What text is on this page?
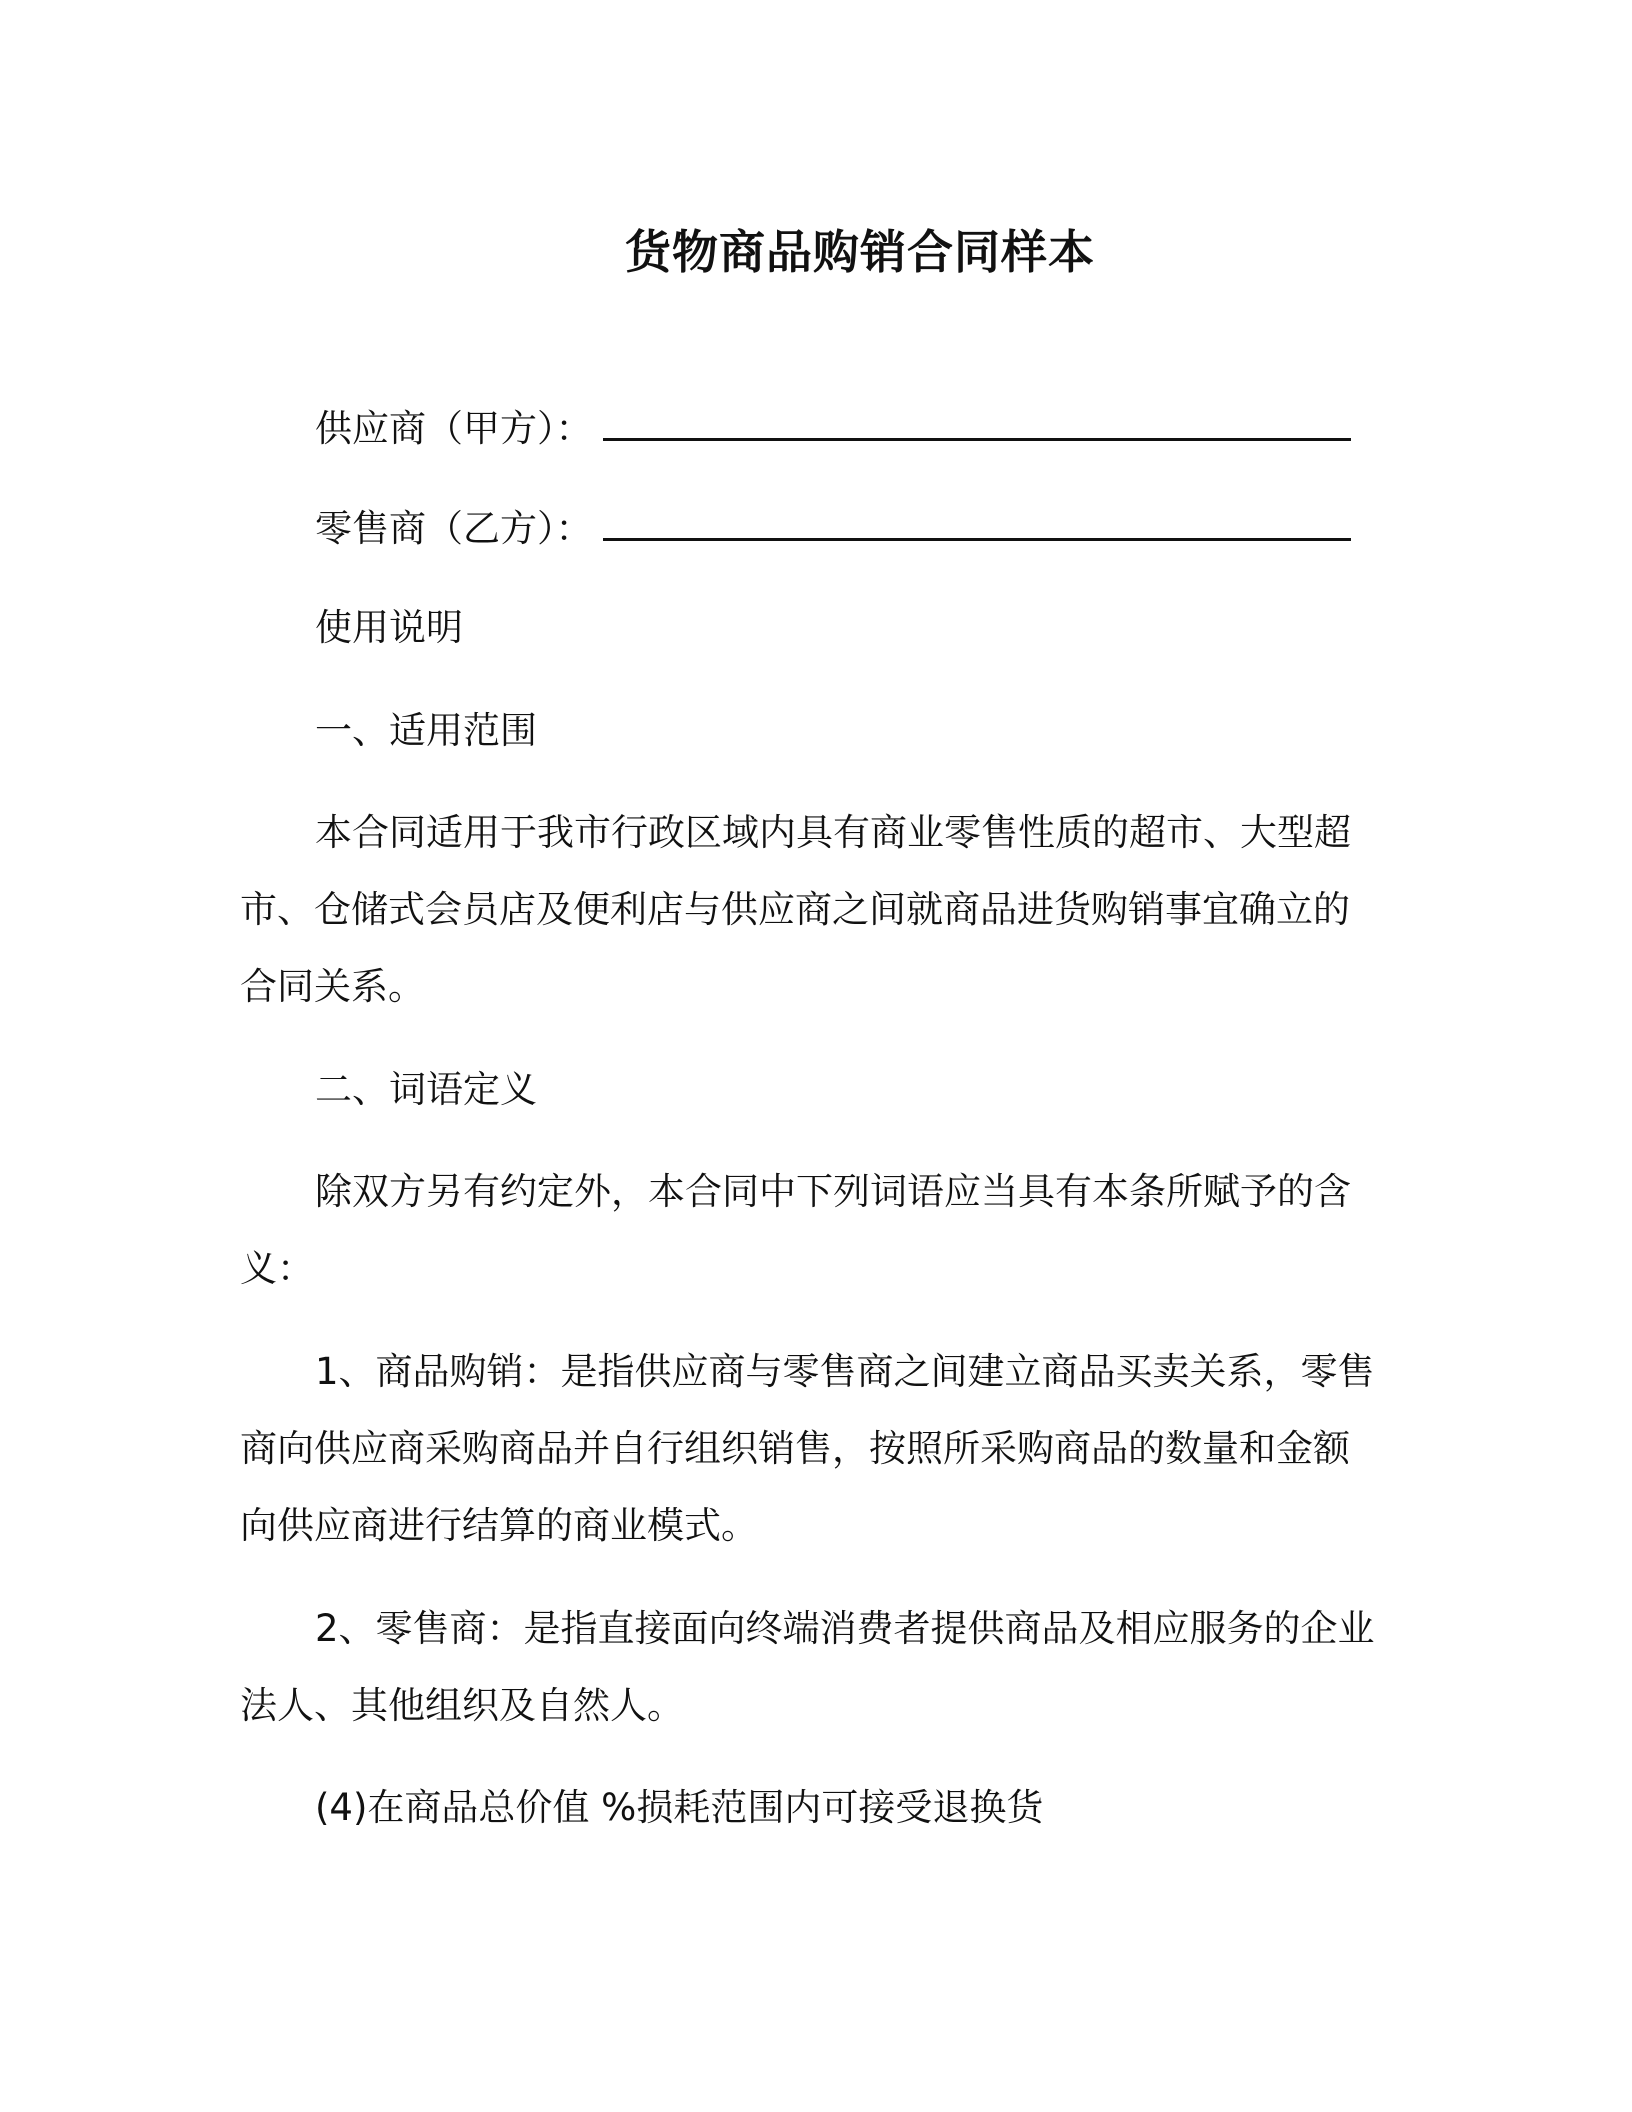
货物商品购销合同样本
供应商（甲方）：
零售商（乙方）：
使用说明
一、适用范围
本合同适用于我市行政区域内具有商业零售性质的超市、大型超
市、仓储式会员店及便利店与供应商之间就商品进货购销事宜确立的
合同关系。
二、词语定义
除双方另有约定外，本合同中下列词语应当具有本条所赋予的含
义：
1、商品购销：是指供应商与零售商之间建立商品买卖关系，零售
商向供应商采购商品并自行组织销售，按照所采购商品的数量和金额
向供应商进行结算的商业模式。
2、零售商：是指直接面向终端消费者提供商品及相应服务的企业
法人、其他组织及自然人。
(4)在商品总价值 %损耗范围内可接受退换货
